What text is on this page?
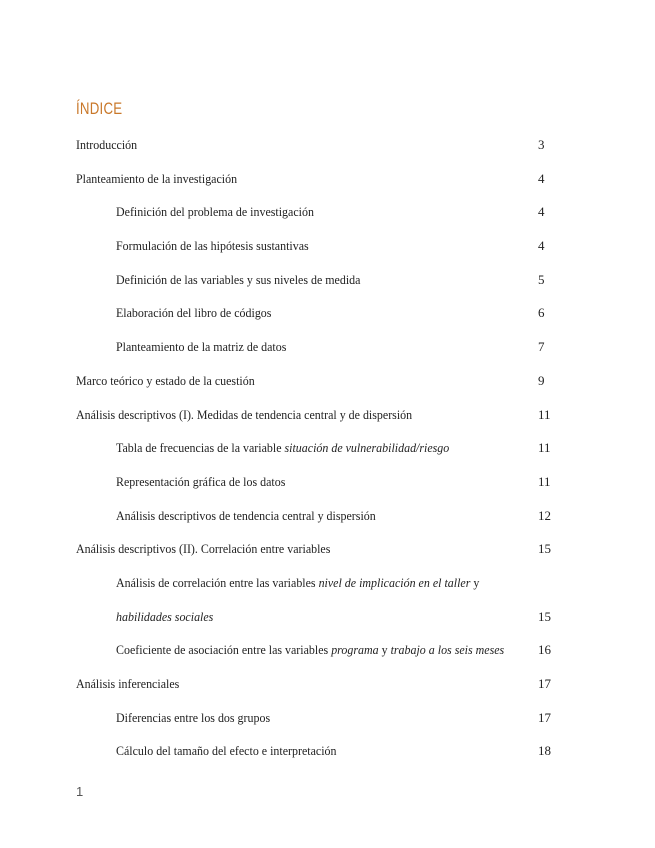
ÍNDICE
Introducción	3
Planteamiento de la investigación	4
Definición del problema de investigación	4
Formulación de las hipótesis sustantivas	4
Definición de las variables y sus niveles de medida	5
Elaboración del libro de códigos	6
Planteamiento de la matriz de datos	7
Marco teórico y estado de la cuestión	9
Análisis descriptivos (I). Medidas de tendencia central y de dispersión	11
Tabla de frecuencias de la variable situación de vulnerabilidad/riesgo	11
Representación gráfica de los datos	11
Análisis descriptivos de tendencia central y dispersión	12
Análisis descriptivos (II). Correlación entre variables	15
Análisis de correlación entre las variables nivel de implicación en el taller y
habilidades sociales	15
Coeficiente de asociación entre las variables programa y trabajo a los seis meses	16
Análisis inferenciales	17
Diferencias entre los dos grupos	17
Cálculo del tamaño del efecto e interpretación	18
1
